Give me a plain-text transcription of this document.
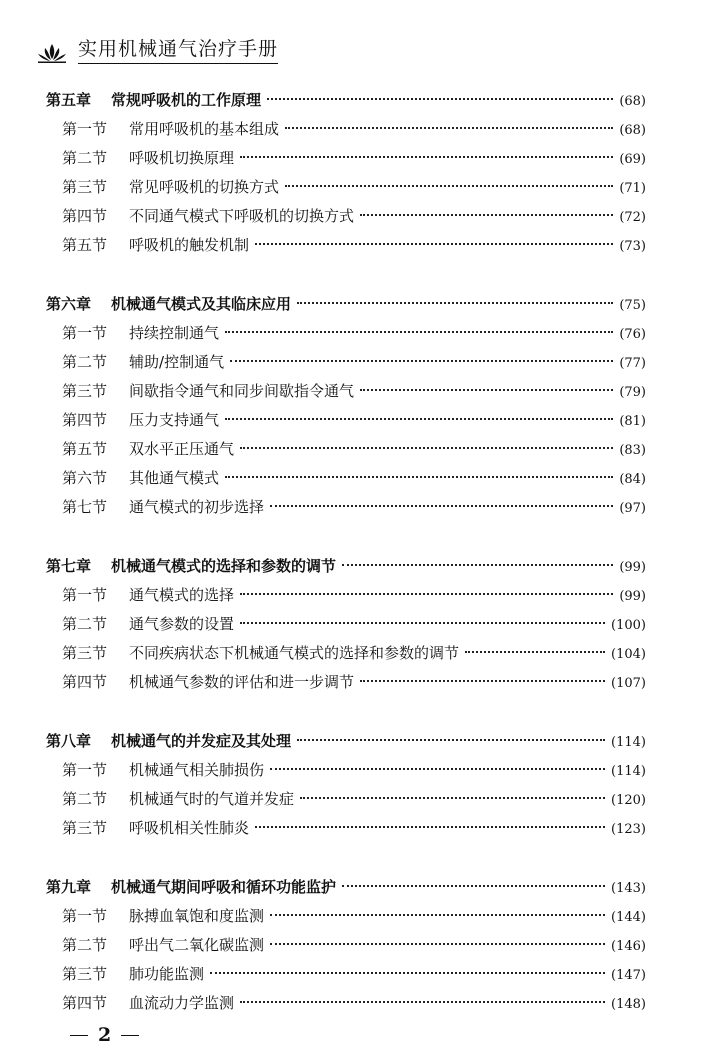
实用机械通气治疗手册
第五章 常规呼吸机的工作原理	(68)
第一节 常用呼吸机的基本组成	(68)
第二节 呼吸机切换原理	(69)
第三节 常见呼吸机的切换方式	(71)
第四节 不同通气模式下呼吸机的切换方式	(72)
第五节 呼吸机的触发机制	(73)
第六章 机械通气模式及其临床应用	(75)
第一节 持续控制通气	(76)
第二节 辅助/控制通气	(77)
第三节 间歇指令通气和同步间歇指令通气	(79)
第四节 压力支持通气	(81)
第五节 双水平正压通气	(83)
第六节 其他通气模式	(84)
第七节 通气模式的初步选择	(97)
第七章 机械通气模式的选择和参数的调节	(99)
第一节 通气模式的选择	(99)
第二节 通气参数的设置	(100)
第三节 不同疾病状态下机械通气模式的选择和参数的调节	(104)
第四节 机械通气参数的评估和进一步调节	(107)
第八章 机械通气的并发症及其处理	(114)
第一节 机械通气相关肺损伤	(114)
第二节 机械通气时的气道并发症	(120)
第三节 呼吸机相关性肺炎	(123)
第九章 机械通气期间呼吸和循环功能监护	(143)
第一节 脉搏血氧饱和度监测	(144)
第二节 呼出气二氧化碳监测	(146)
第三节 肺功能监测	(147)
第四节 血流动力学监测	(148)
2
